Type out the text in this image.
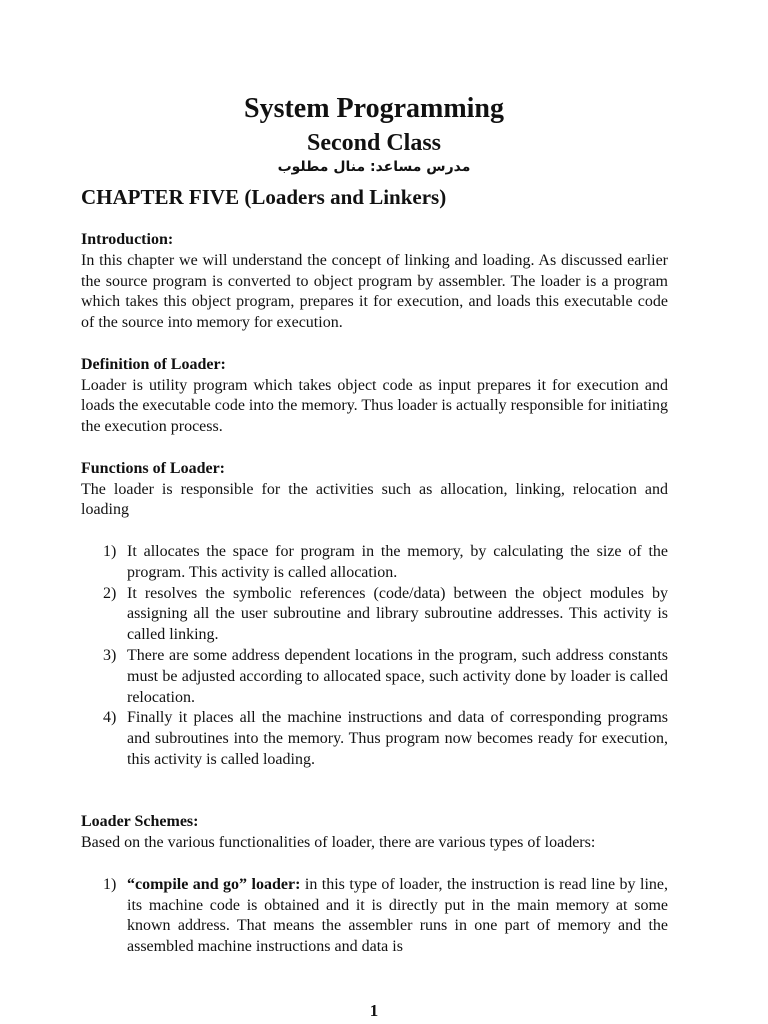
System Programming
Second Class
مدرس مساعد: منال مطلوب
CHAPTER FIVE (Loaders and Linkers)
Introduction:
In this chapter we will understand the concept of linking and loading. As discussed earlier the source program is converted to object program by assembler. The loader is a program which takes this object program, prepares it for execution, and loads this executable code of the source into memory for execution.
Definition of Loader:
Loader is utility program which takes object code as input prepares it for execution and loads the executable code into the memory. Thus loader is actually responsible for initiating the execution process.
Functions of Loader:
The loader is responsible for the activities such as allocation, linking, relocation and loading
1) It allocates the space for program in the memory, by calculating the size of the program. This activity is called allocation.
2) It resolves the symbolic references (code/data) between the object modules by assigning all the user subroutine and library subroutine addresses. This activity is called linking.
3) There are some address dependent locations in the program, such address constants must be adjusted according to allocated space, such activity done by loader is called relocation.
4) Finally it places all the machine instructions and data of corresponding programs and subroutines into the memory. Thus program now becomes ready for execution, this activity is called loading.
Loader Schemes:
Based on the various functionalities of loader, there are various types of loaders:
1) “compile and go” loader: in this type of loader, the instruction is read line by line, its machine code is obtained and it is directly put in the main memory at some known address. That means the assembler runs in one part of memory and the assembled machine instructions and data is
1
